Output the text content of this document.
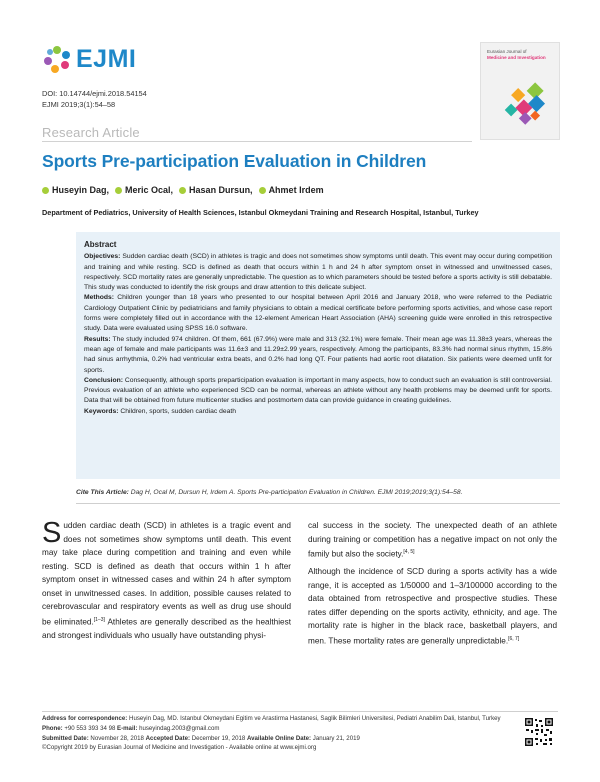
EJMI
DOI: 10.14744/ejmi.2018.54154
EJMI 2019;3(1):54–58
Eurasian Journal of
Medicine and Investigation
Research Article
Sports Pre-participation Evaluation in Children
Huseyin Dag, Meric Ocal, Hasan Dursun, Ahmet Irdem
Department of Pediatrics, University of Health Sciences, Istanbul Okmeydani Training and Research Hospital, Istanbul, Turkey
Abstract

Objectives: Sudden cardiac death (SCD) in athletes is tragic and does not sometimes show symptoms until death. This event may occur during competition and training and while resting. SCD is defined as death that occurs within 1 h and 24 h after symptom onset in witnessed and unwitnessed cases, respectively. SCD mortality rates are generally unpredictable. The question as to which parameters should be tested before a sports activity is still debatable. This study was conducted to identify the risk groups and draw attention to this delicate subject.

Methods: Children younger than 18 years who presented to our hospital between April 2016 and January 2018, who were referred to the Pediatric Cardiology Outpatient Clinic by pediatricians and family physicians to obtain a medical certificate before performing sports activities, and whose case report forms were completely filled out in accordance with the 12-element American Heart Association (AHA) screening guide were enrolled in this retrospective study. Data were evaluated using SPSS 16.0 software.

Results: The study included 974 children. Of them, 661 (67.9%) were male and 313 (32.1%) were female. Their mean age was 11.38±3 years, whereas the mean age of female and male participants was 11.6±3 and 11.29±2.99 years, respectively. Among the participants, 83.3% had normal sinus rhythm, 15.8% had sinus arrhythmia, 0.2% had ventricular extra beats, and 0.2% had long QT. Four patients had aortic root dilatation. Six patients were deemed unfit for sports.

Conclusion: Consequently, although sports preparticipation evaluation is important in many aspects, how to conduct such an evaluation is still controversial. Previous evaluation of an athlete who experienced SCD can be normal, whereas an athlete without any health problems may be deemed unfit for sports. Data that will be obtained from future multicenter studies and postmortem data can provide guidance in creating guidelines.

Keywords: Children, sports, sudden cardiac death

Cite This Article: Dag H, Ocal M, Dursun H, Irdem A. Sports Pre-participation Evaluation in Children. EJMI 2019;2019;3(1):54–58.

Sudden cardiac death (SCD) in athletes is a tragic event and does not sometimes show symptoms until death. This event may take place during competition and training and even while resting. SCD is defined as death that occurs within 1 h after symptom onset in witnessed cases and within 24 h after symptom onset in unwitnessed cases. In addition, possible causes related to cerebrovascular and respiratory events as well as drug use should be eliminated.[1–3] Athletes are generally described as the healthiest and strongest individuals who usually have outstanding physi-

cal success in the society. The unexpected death of an athlete during training or competition has a negative impact on not only the family but also the society.[4, 5]

Although the incidence of SCD during a sports activity has a wide range, it is accepted as 1/50000 and 1–3/100000 according to the data obtained from retrospective and prospective studies. These rates differ depending on the sports activity, ethnicity, and age. The mortality rate is higher in the black race, basketball players, and men. These mortality rates are generally unpredictable.[6, 7]

Address for correspondence: Huseyin Dag, MD. Istanbul Okmeydani Egitim ve Arastirma Hastanesi, Saglik Bilimleri Universitesi, Pediatri Anabilim Dali, Istanbul, Turkey
Phone: +90 553 393 34 98 E-mail: huseyindag.2003@gmail.com
Submitted Date: November 28, 2018 Accepted Date: December 19, 2018 Available Online Date: January 21, 2019
©Copyright 2019 by Eurasian Journal of Medicine and Investigation - Available online at www.ejmi.org
